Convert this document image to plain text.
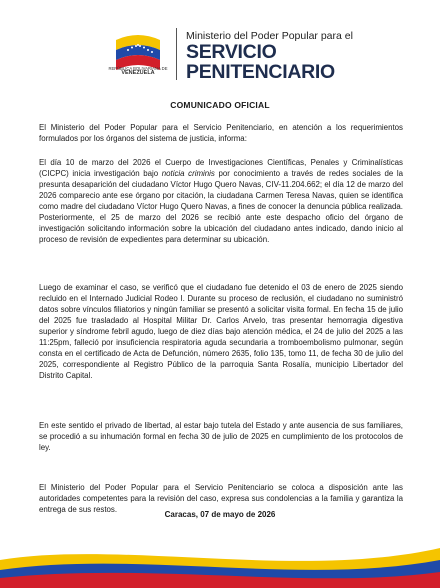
REPÚBLICA BOLIVARIANA DE
VENEZUELA
Ministerio del Poder Popular para el
SERVICIO
PENITENCIARIO
COMUNICADO OFICIAL

El Ministerio del Poder Popular para el Servicio Penitenciario, en atención a los requerimientos formulados por los órganos del sistema de justicia, informa:

El día 10 de marzo del 2026 el Cuerpo de Investigaciones Científicas, Penales y Criminalísticas (CICPC) inicia investigación bajo noticia criminis por conocimiento a través de redes sociales de la presunta desaparición del ciudadano Víctor Hugo Quero Navas, CIV-11.204.662; el día 12 de marzo del 2026 comparecio ante ese órgano por citación, la ciudadana Carmen Teresa Navas, quien se identifica como madre del ciudadano Víctor Hugo Quero Navas, a fines de conocer la denuncia pública realizada. Posteriormente, el 25 de marzo del 2026 se recibió ante este despacho oficio del órgano de investigación solicitando información sobre la ubicación del ciudadano antes indicado, dando inicio al proceso de revisión de expedientes para determinar su ubicación.

Luego de examinar el caso, se verificó que el ciudadano fue detenido el 03 de enero de 2025 siendo recluido en el Internado Judicial Rodeo I. Durante su proceso de reclusión, el ciudadano no suministró datos sobre vínculos filiatorios y ningún familiar se presentó a solicitar visita formal. En fecha 15 de julio del 2025 fue trasladado al Hospital Militar Dr. Carlos Arvelo, tras presentar hemorragia digestiva superior y síndrome febril agudo, luego de diez días bajo atención médica, el 24 de julio del 2025 a las 11:25pm, falleció por insuficiencia respiratoria aguda secundaria a tromboembolismo pulmonar, según consta en el certificado de Acta de Defunción, número 2635, folio 135, tomo 11, de fecha 30 de julio del 2025, correspondiente al Registro Público de la parroquia Santa Rosalía, municipio Libertador del Distrito Capital.

En este sentido el privado de libertad, al estar bajo tutela del Estado y ante ausencia de sus familiares, se procedió a su inhumación formal en fecha 30 de julio de 2025 en cumplimiento de los protocolos de ley.

El Ministerio del Poder Popular para el Servicio Penitenciario se coloca a disposición ante las autoridades competentes para la revisión del caso, expresa sus condolencias a la familia y garantiza la entrega de sus restos.

Caracas, 07 de mayo de 2026
